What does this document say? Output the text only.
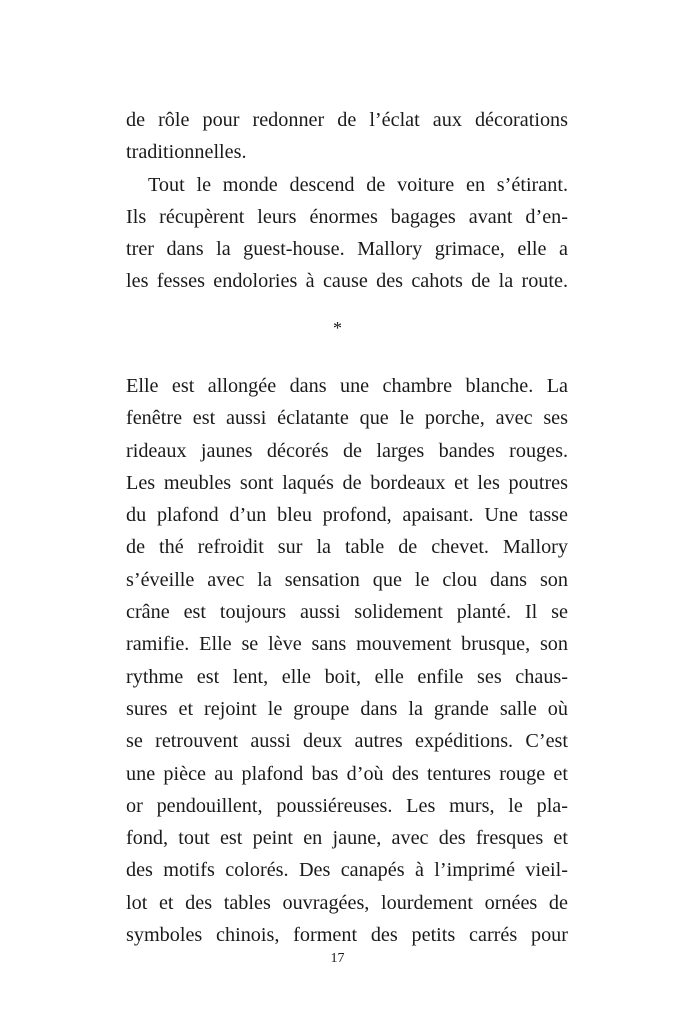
de rôle pour redonner de l’éclat aux décorations
traditionnelles.
Tout le monde descend de voiture en s’étirant.
Ils récupèrent leurs énormes bagages avant d’en-
trer dans la guest-house. Mallory grimace, elle a
les fesses endolories à cause des cahots de la route.
*
Elle est allongée dans une chambre blanche. La
fenêtre est aussi éclatante que le porche, avec ses
rideaux jaunes décorés de larges bandes rouges.
Les meubles sont laqués de bordeaux et les poutres
du plafond d’un bleu profond, apaisant. Une tasse
de thé refroidit sur la table de chevet. Mallory
s’éveille avec la sensation que le clou dans son
crâne est toujours aussi solidement planté. Il se
ramifie. Elle se lève sans mouvement brusque, son
rythme est lent, elle boit, elle enfile ses chaus-
sures et rejoint le groupe dans la grande salle où
se retrouvent aussi deux autres expéditions. C’est
une pièce au plafond bas d’où des tentures rouge et
or pendouillent, poussiéreuses. Les murs, le pla-
fond, tout est peint en jaune, avec des fresques et
des motifs colorés. Des canapés à l’imprimé vieil-
lot et des tables ouvragées, lourdement ornées de
symboles chinois, forment des petits carrés pour
17
